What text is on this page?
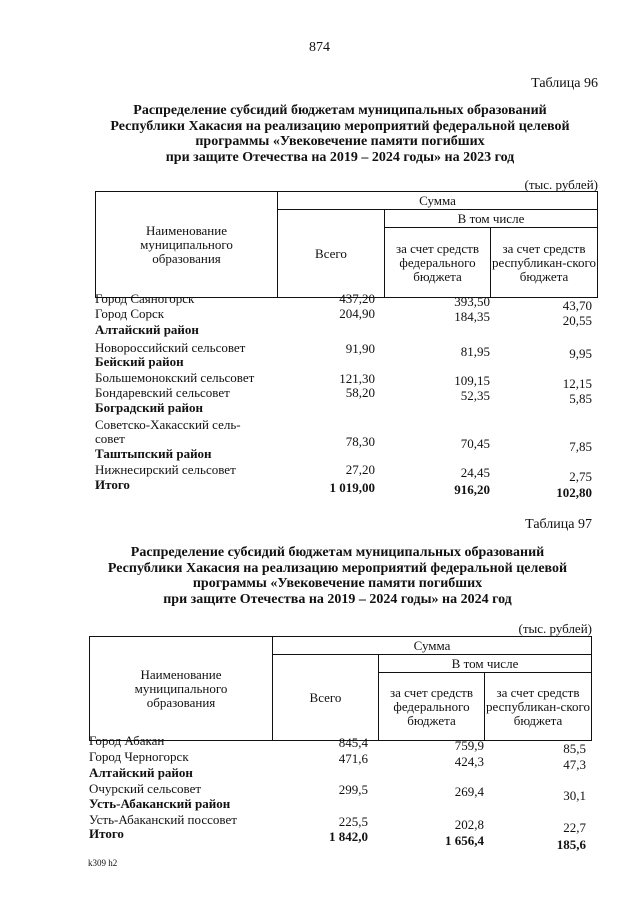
874
Таблица 96
Распределение субсидий бюджетам муниципальных образований
Республики Хакасия на реализацию мероприятий федеральной целевой
программы «Увековечение памяти погибших
при защите Отечества на 2019 – 2024 годы» на 2023 год
(тыс. рублей)
Наименование муниципального образования
Сумма
Всего
В том числе
за счет средств федерального бюджета
за счет средств республикан-ского бюджета
Город Саяногорск	437,20	393,50	43,70
Город Сорск	204,90	184,35	20,55
Алтайский район
Новороссийский сельсовет	91,90	81,95	9,95
Бейский район
Большемонокский сельсовет	121,30	109,15	12,15
Бондаревский сельсовет	58,20	52,35	5,85
Боградский район
Советско-Хакасский сель-
совет	78,30	70,45	7,85
Таштыпский район
Нижнесирский сельсовет	27,20	24,45	2,75
Итого	1 019,00	916,20	102,80
Таблица 97
Распределение субсидий бюджетам муниципальных образований
Республики Хакасия на реализацию мероприятий федеральной целевой
программы «Увековечение памяти погибших
при защите Отечества на 2019 – 2024 годы» на 2024 год
(тыс. рублей)
Наименование муниципального образования
Сумма
Всего
В том числе
за счет средств федерального бюджета
за счет средств республикан-ского бюджета
Город Абакан	845,4	759,9	85,5
Город Черногорск	471,6	424,3	47,3
Алтайский район
Очурский сельсовет	299,5	269,4	30,1
Усть-Абаканский район
Усть-Абаканский поссовет	225,5	202,8	22,7
Итого	1 842,0	1 656,4	185,6
k309 h2
